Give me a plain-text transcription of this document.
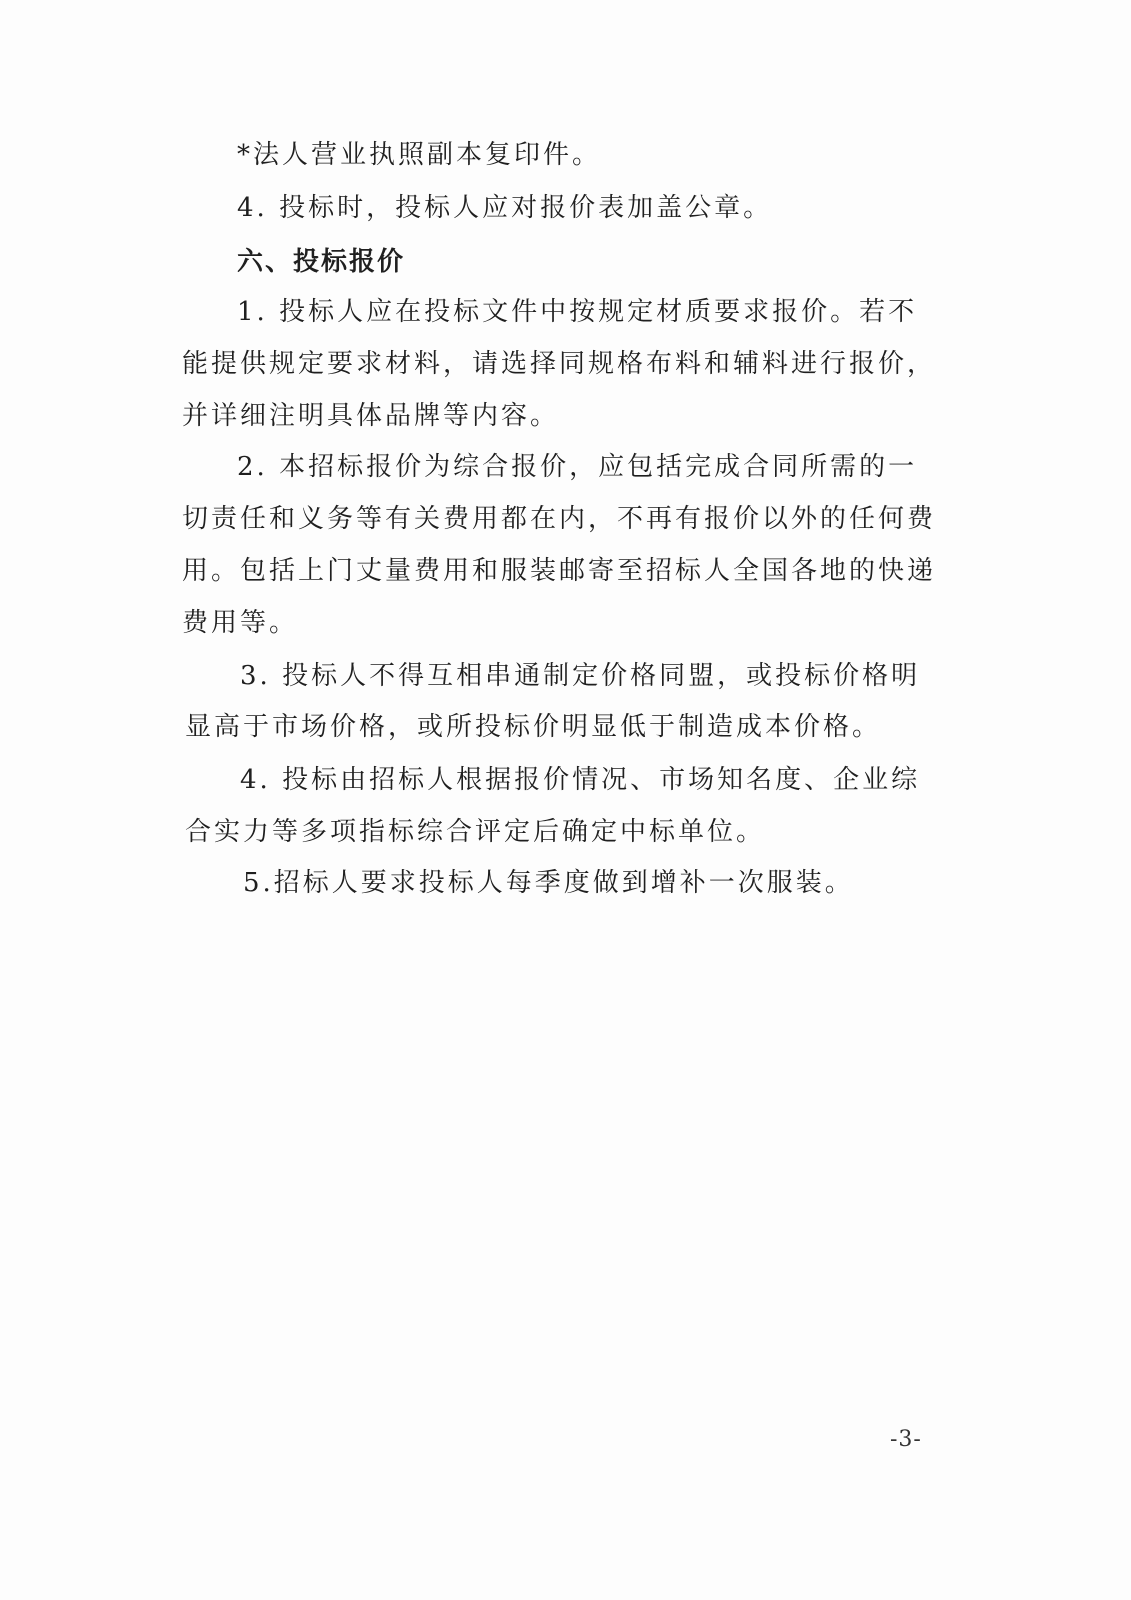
*法人营业执照副本复印件。
4. 投标时，投标人应对报价表加盖公章。
六、投标报价
1. 投标人应在投标文件中按规定材质要求报价。若不
能提供规定要求材料，请选择同规格布料和辅料进行报价，
并详细注明具体品牌等内容。
2. 本招标报价为综合报价，应包括完成合同所需的一
切责任和义务等有关费用都在内，不再有报价以外的任何费
用。包括上门丈量费用和服装邮寄至招标人全国各地的快递
费用等。
3. 投标人不得互相串通制定价格同盟，或投标价格明
显高于市场价格，或所投标价明显低于制造成本价格。
4. 投标由招标人根据报价情况、市场知名度、企业综
合实力等多项指标综合评定后确定中标单位。
5.招标人要求投标人每季度做到增补一次服装。
-3-
